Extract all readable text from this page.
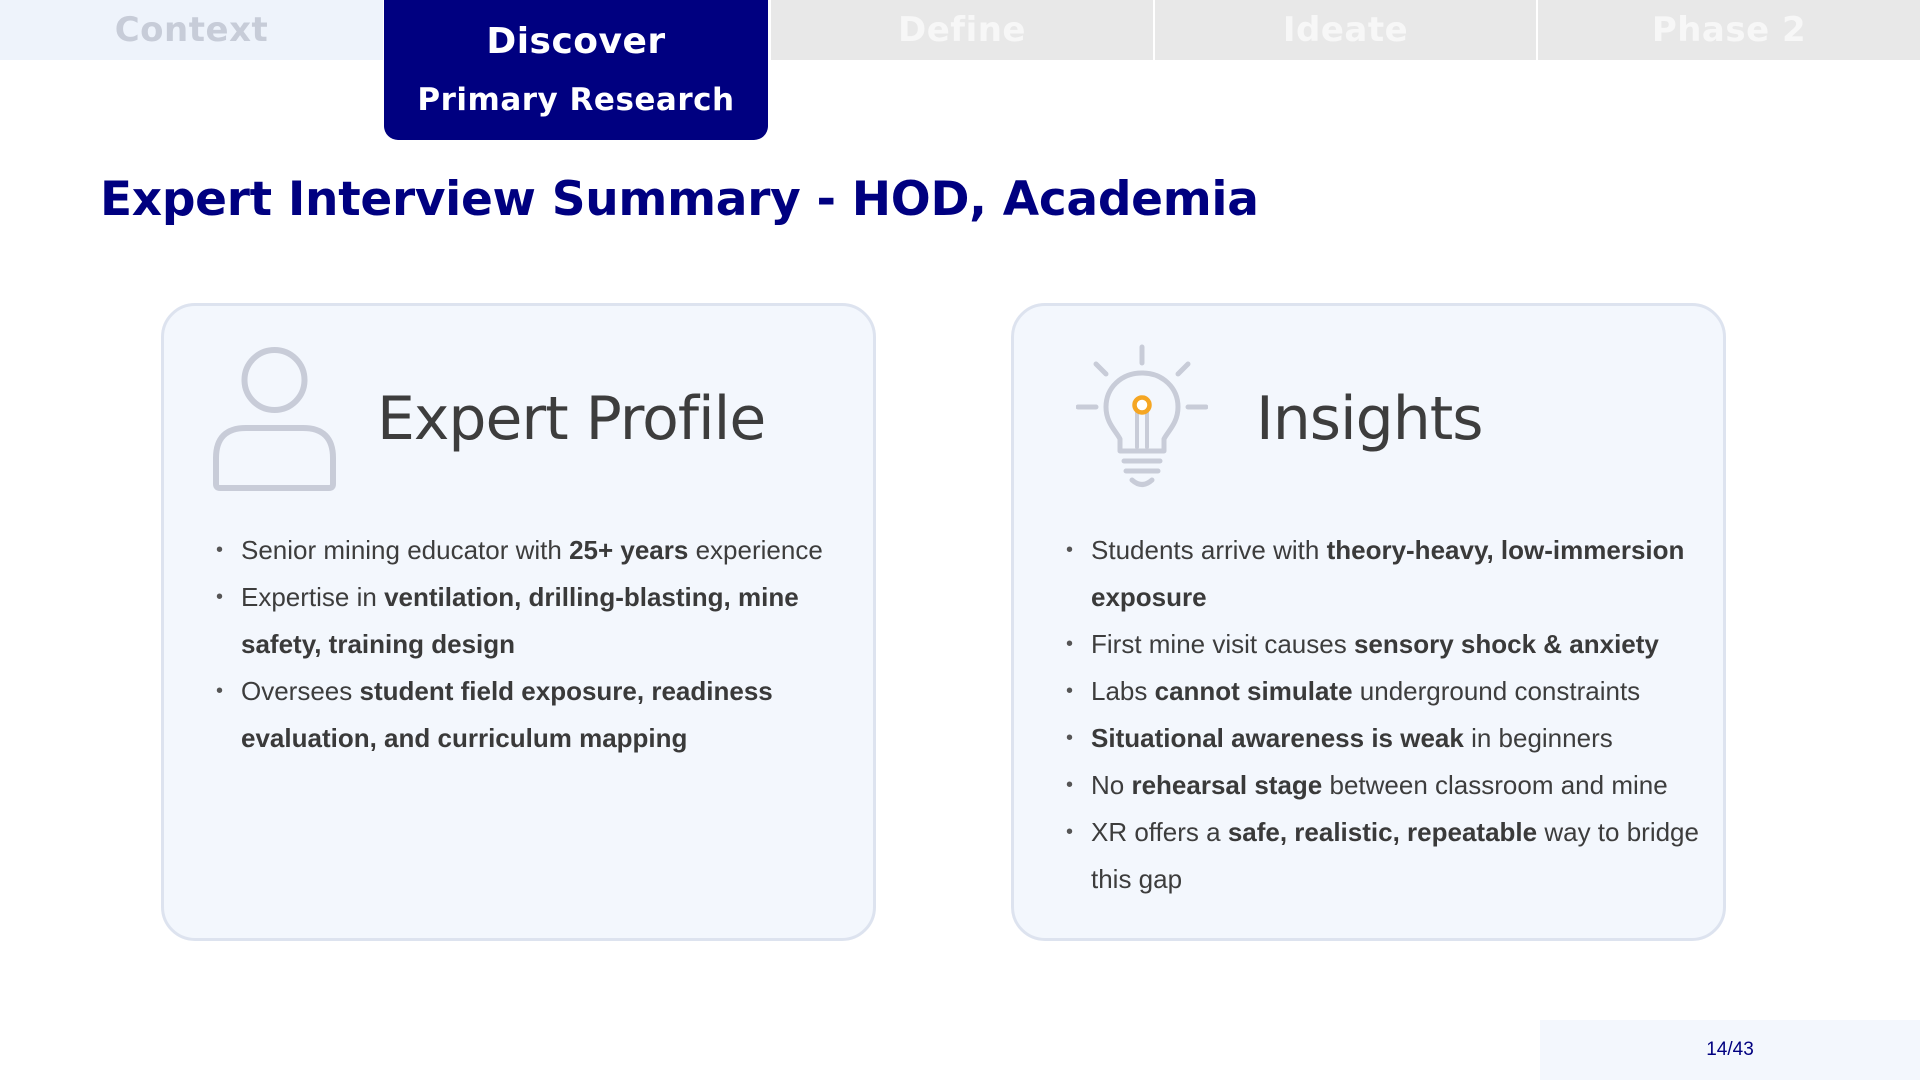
Context	Discover
Primary Research
Define	Ideate	Phase 2
Expert Interview Summary - HOD, Academia
Expert Profile
• Senior mining educator with 25+ years experience
• Expertise in ventilation, drilling-blasting, mine safety, training design
• Oversees student field exposure, readiness evaluation, and curriculum mapping
Insights
• Students arrive with theory-heavy, low-immersion exposure
• First mine visit causes sensory shock & anxiety
• Labs cannot simulate underground constraints
• Situational awareness is weak in beginners
• No rehearsal stage between classroom and mine
• XR offers a safe, realistic, repeatable way to bridge this gap
14/43
